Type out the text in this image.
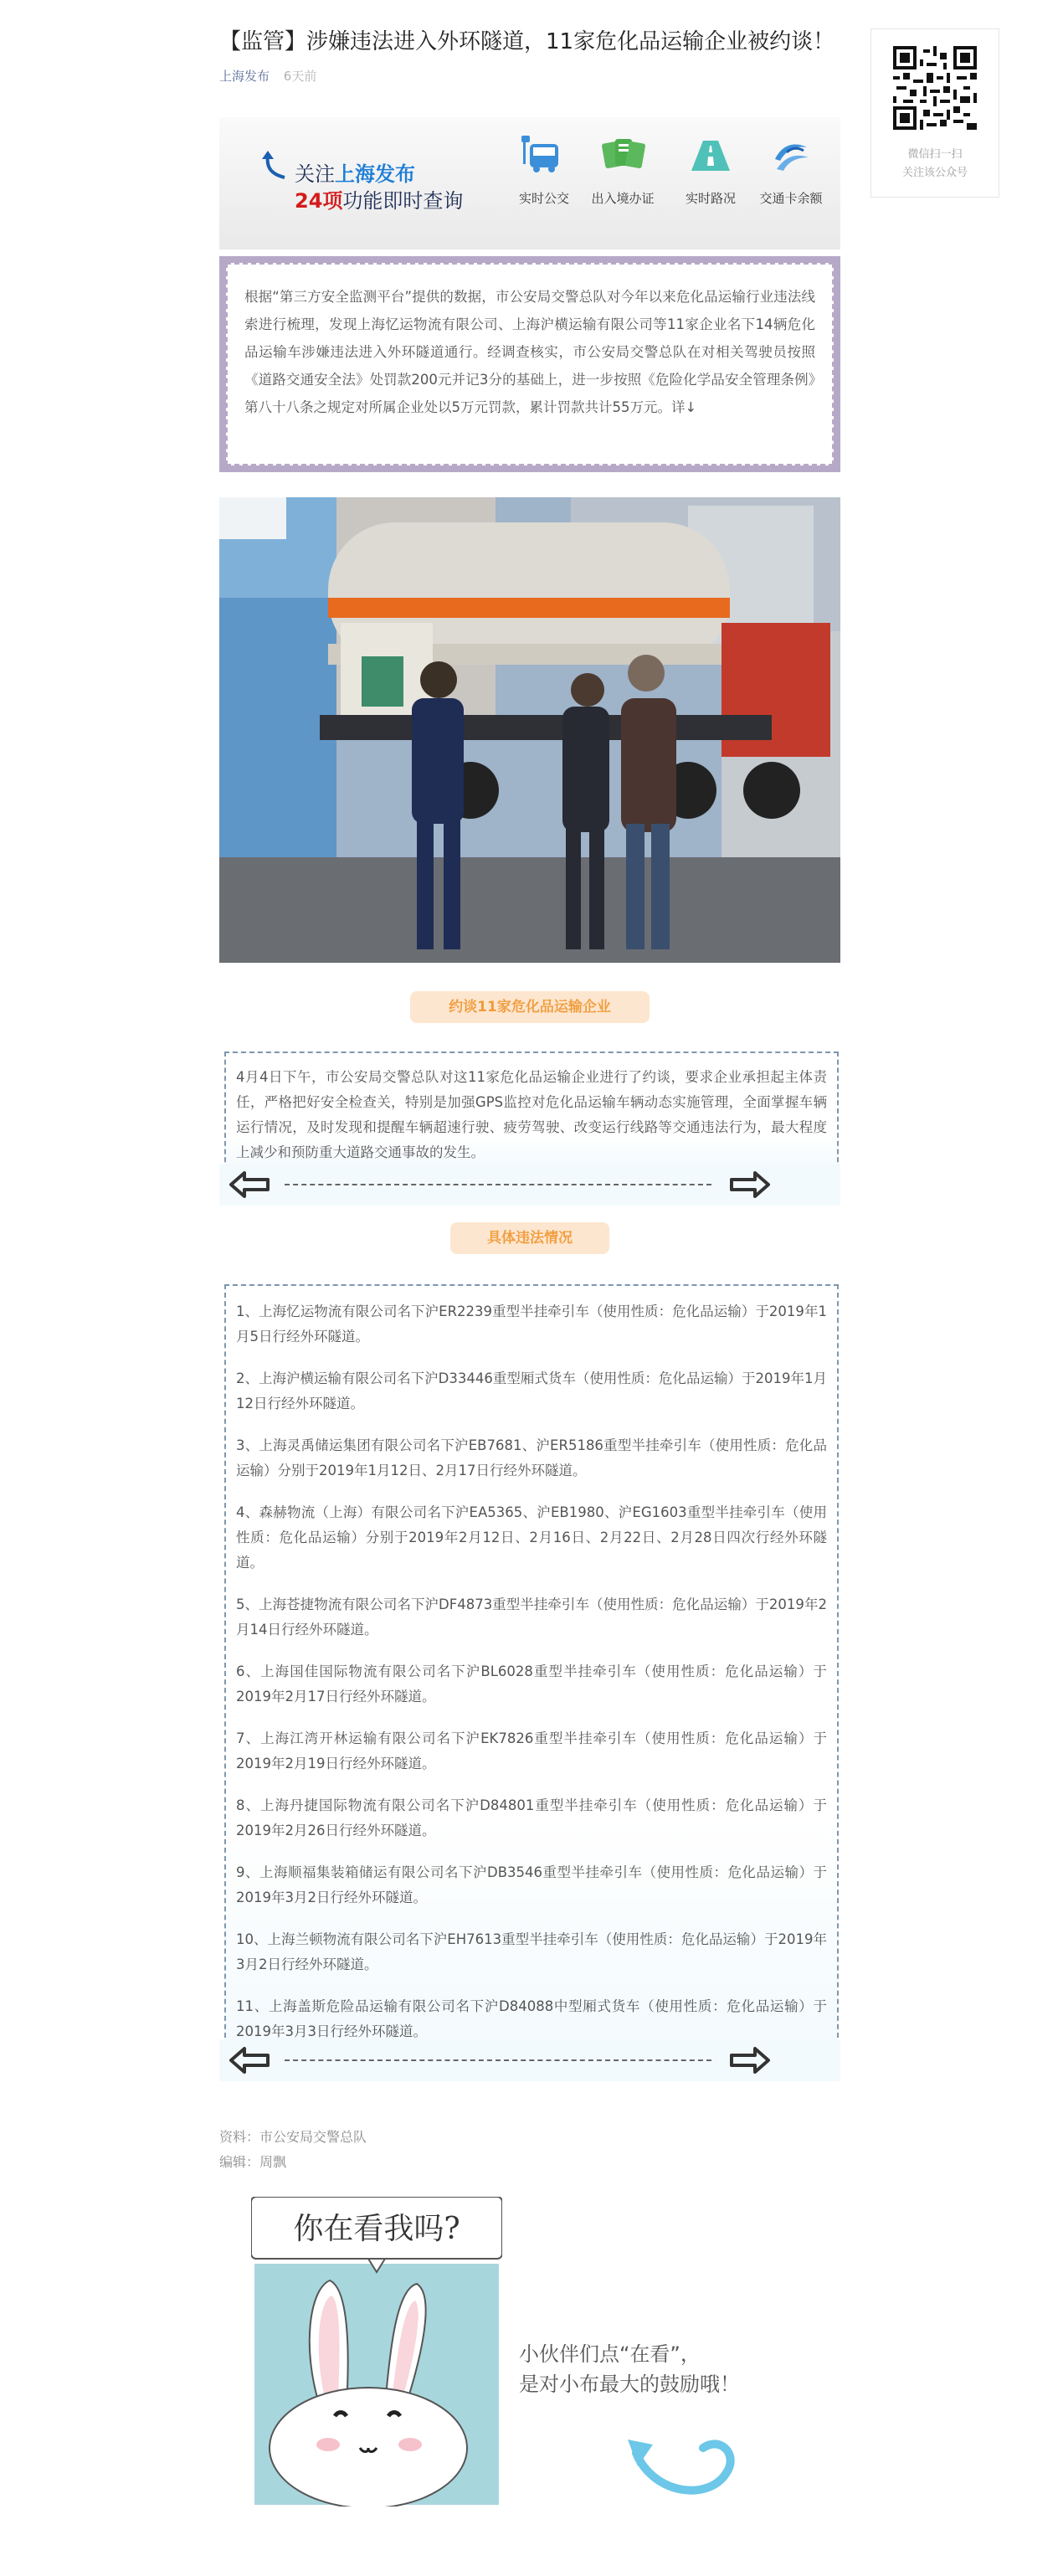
【监管】涉嫌违法进入外环隧道，11家危化品运输企业被约谈！
上海发布 6天前
微信扫一扫
关注该公众号
关注上海发布
24项功能即时查询	实时公交	出入境办证	实时路况	交通卡余额
根据“第三方安全监测平台”提供的数据，市公安局交警总队对今年以来危化品运输行业违法线索进行梳理，发现上海忆运物流有限公司、上海沪横运输有限公司等11家企业名下14辆危化品运输车涉嫌违法进入外环隧道通行。经调查核实，市公安局交警总队在对相关驾驶员按照《道路交通安全法》处罚款200元并记3分的基础上，进一步按照《危险化学品安全管理条例》第八十八条之规定对所属企业处以5万元罚款，累计罚款共计55万元。详↓
约谈11家危化品运输企业
4月4日下午，市公安局交警总队对这11家危化品运输企业进行了约谈，要求企业承担起主体责任，严格把好安全检查关，特别是加强GPS监控对危化品运输车辆动态实施管理，全面掌握车辆运行情况，及时发现和提醒车辆超速行驶、疲劳驾驶、改变运行线路等交通违法行为，最大程度上减少和预防重大道路交通事故的发生。
具体违法情况
1、上海忆运物流有限公司名下沪ER2239重型半挂牵引车（使用性质：危化品运输）于2019年1月5日行经外环隧道。
2、上海沪横运输有限公司名下沪D33446重型厢式货车（使用性质：危化品运输）于2019年1月12日行经外环隧道。
3、上海灵禹储运集团有限公司名下沪EB7681、沪ER5186重型半挂牵引车（使用性质：危化品运输）分别于2019年1月12日、2月17日行经外环隧道。
4、森赫物流（上海）有限公司名下沪EA5365、沪EB1980、沪EG1603重型半挂牵引车（使用性质：危化品运输）分别于2019年2月12日、2月16日、2月22日、2月28日四次行经外环隧道。
5、上海苍捷物流有限公司名下沪DF4873重型半挂牵引车（使用性质：危化品运输）于2019年2月14日行经外环隧道。
6、上海国佳国际物流有限公司名下沪BL6028重型半挂牵引车（使用性质：危化品运输）于2019年2月17日行经外环隧道。
7、上海江湾开林运输有限公司名下沪EK7826重型半挂牵引车（使用性质：危化品运输）于2019年2月19日行经外环隧道。
8、上海丹捷国际物流有限公司名下沪D84801重型半挂牵引车（使用性质：危化品运输）于2019年2月26日行经外环隧道。
9、上海顺福集装箱储运有限公司名下沪DB3546重型半挂牵引车（使用性质：危化品运输）于2019年3月2日行经外环隧道。
10、上海兰顿物流有限公司名下沪EH7613重型半挂牵引车（使用性质：危化品运输）于2019年3月2日行经外环隧道。
11、上海盖斯危险品运输有限公司名下沪D84088中型厢式货车（使用性质：危化品运输）于2019年3月3日行经外环隧道。
资料：市公安局交警总队
编辑：周飘
你在看我吗?
小伙伴们点“在看”，
是对小布最大的鼓励哦！
